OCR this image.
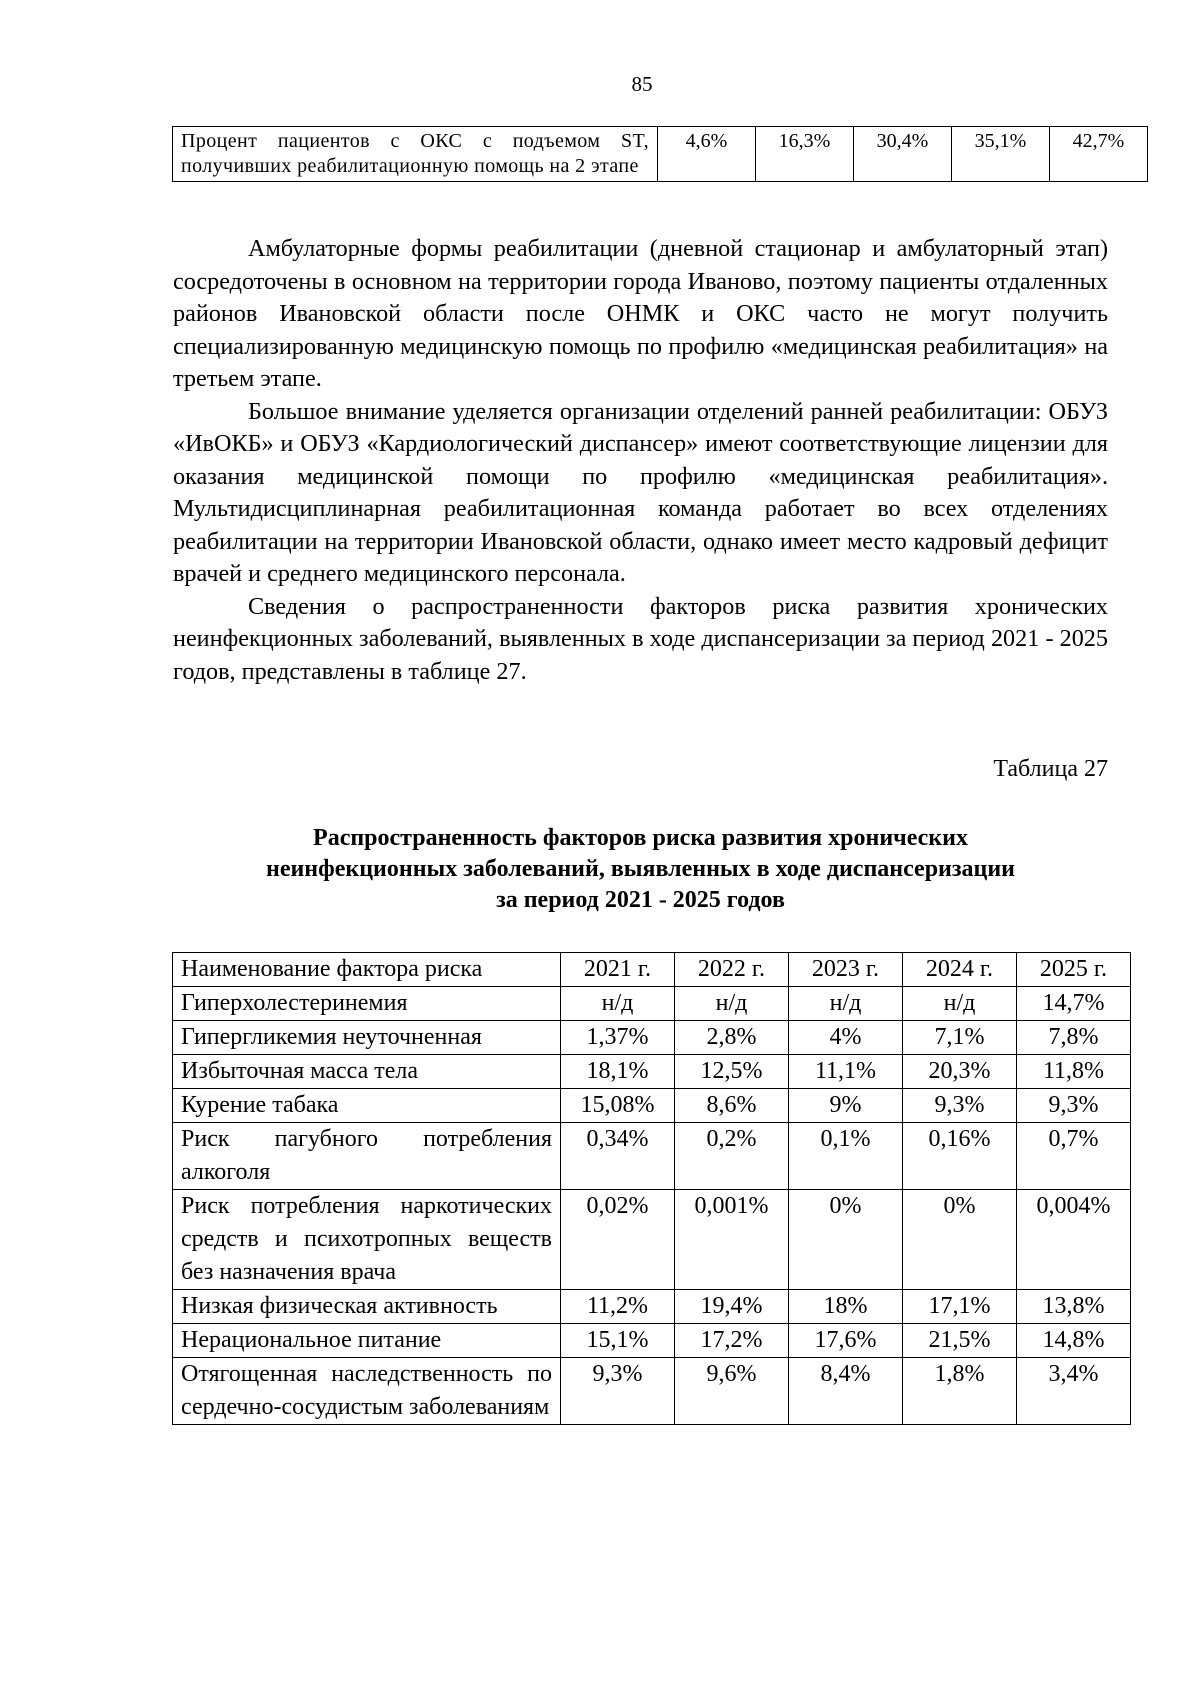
85
Процент пациентов с ОКС с подъемом ST, получивших реабилитационную помощь на 2 этапе	4,6%	16,3%	30,4%	35,1%	42,7%

Амбулаторные формы реабилитации (дневной стационар и амбулаторный этап) сосредоточены в основном на территории города Иваново, поэтому пациенты отдаленных районов Ивановской области после ОНМК и ОКС часто не могут получить специализированную медицинскую помощь по профилю «медицинская реабилитация» на третьем этапе.

Большое внимание уделяется организации отделений ранней реабилитации: ОБУЗ «ИвОКБ» и ОБУЗ «Кардиологический диспансер» имеют соответствующие лицензии для оказания медицинской помощи по профилю «медицинская реабилитация». Мультидисциплинарная реабилитационная команда работает во всех отделениях реабилитации на территории Ивановской области, однако имеет место кадровый дефицит врачей и среднего медицинского персонала.

Сведения о распространенности факторов риска развития хронических неинфекционных заболеваний, выявленных в ходе диспансеризации за период 2021 - 2025 годов, представлены в таблице 27.

Таблица 27
Распространенность факторов риска развития хронических
неинфекционных заболеваний, выявленных в ходе диспансеризации
за период 2021 - 2025 годов
Наименование фактора риска	2021 г.	2022 г.	2023 г.	2024 г.	2025 г.
Гиперхолестеринемия	н/д	н/д	н/д	н/д	14,7%
Гипергликемия неуточненная	1,37%	2,8%	4%	7,1%	7,8%
Избыточная масса тела	18,1%	12,5%	11,1%	20,3%	11,8%
Курение табака	15,08%	8,6%	9%	9,3%	9,3%
Риск пагубного потребления алкоголя	0,34%	0,2%	0,1%	0,16%	0,7%
Риск потребления наркотических средств и психотропных веществ без назначения врача	0,02%	0,001%	0%	0%	0,004%
Низкая физическая активность	11,2%	19,4%	18%	17,1%	13,8%
Нерациональное питание	15,1%	17,2%	17,6%	21,5%	14,8%
Отягощенная наследственность по сердечно-сосудистым заболеваниям	9,3%	9,6%	8,4%	1,8%	3,4%
